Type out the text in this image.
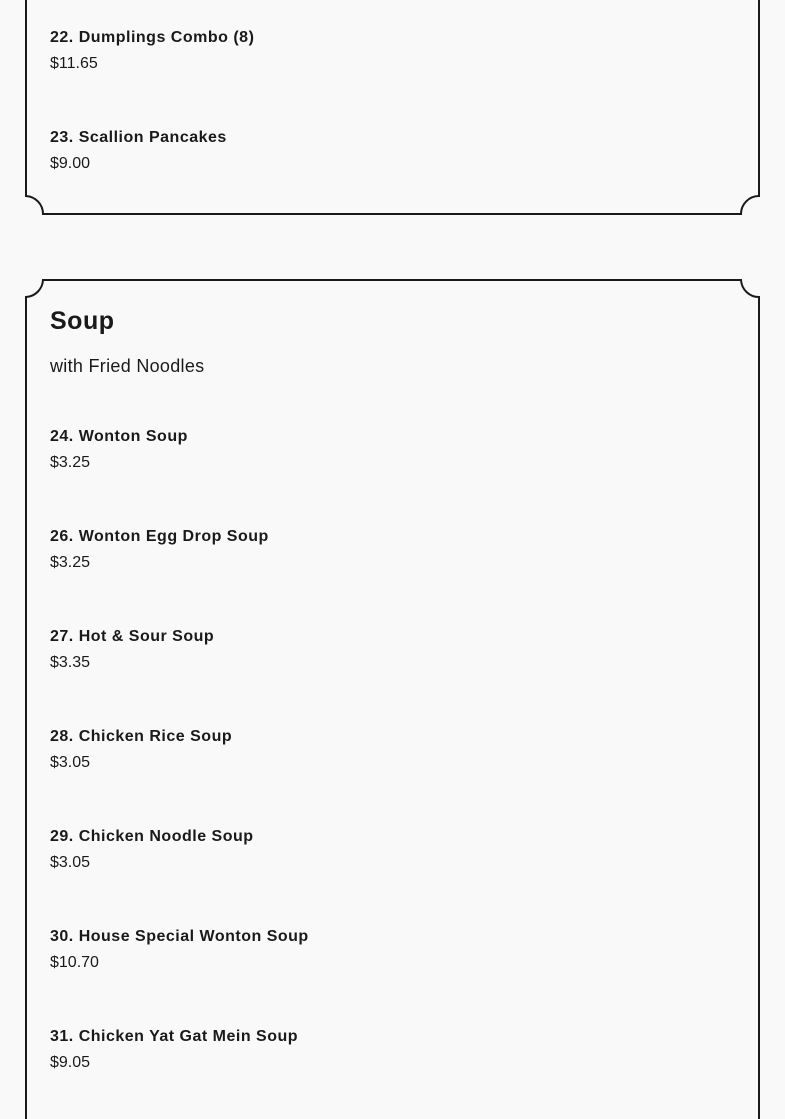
22. Dumplings Combo (8)
$11.65
23. Scallion Pancakes
$9.00
Soup
with Fried Noodles
24. Wonton Soup
$3.25
26. Wonton Egg Drop Soup
$3.25
27. Hot & Sour Soup
$3.35
28. Chicken Rice Soup
$3.05
29. Chicken Noodle Soup
$3.05
30. House Special Wonton Soup
$10.70
31. Chicken Yat Gat Mein Soup
$9.05
